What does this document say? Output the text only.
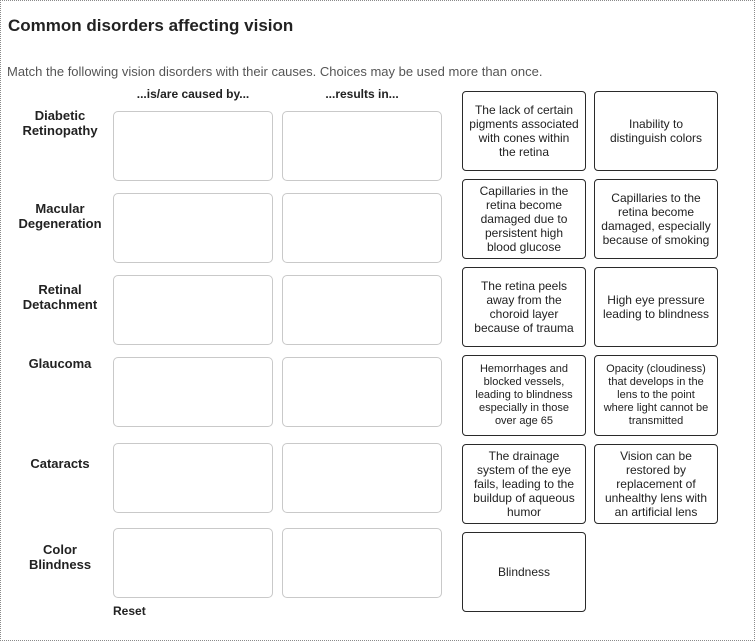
Common disorders affecting vision
Match the following vision disorders with their causes. Choices may be used more than once.
...is/are caused by...	...results in...
Diabetic
Retinopathy
Macular
Degeneration
Retinal
Detachment
Glaucoma
Cataracts
Color
Blindness
The lack of certain pigments associated with cones within the retina
Inability to distinguish colors
Capillaries in the retina become damaged due to persistent high blood glucose
Capillaries to the retina become damaged, especially because of smoking
The retina peels away from the choroid layer because of trauma
High eye pressure leading to blindness
Hemorrhages and blocked vessels, leading to blindness especially in those over age 65
Opacity (cloudiness) that develops in the lens to the point where light cannot be transmitted
The drainage system of the eye fails, leading to the buildup of aqueous humor
Vision can be restored by replacement of unhealthy lens with an artificial lens
Blindness
Reset
